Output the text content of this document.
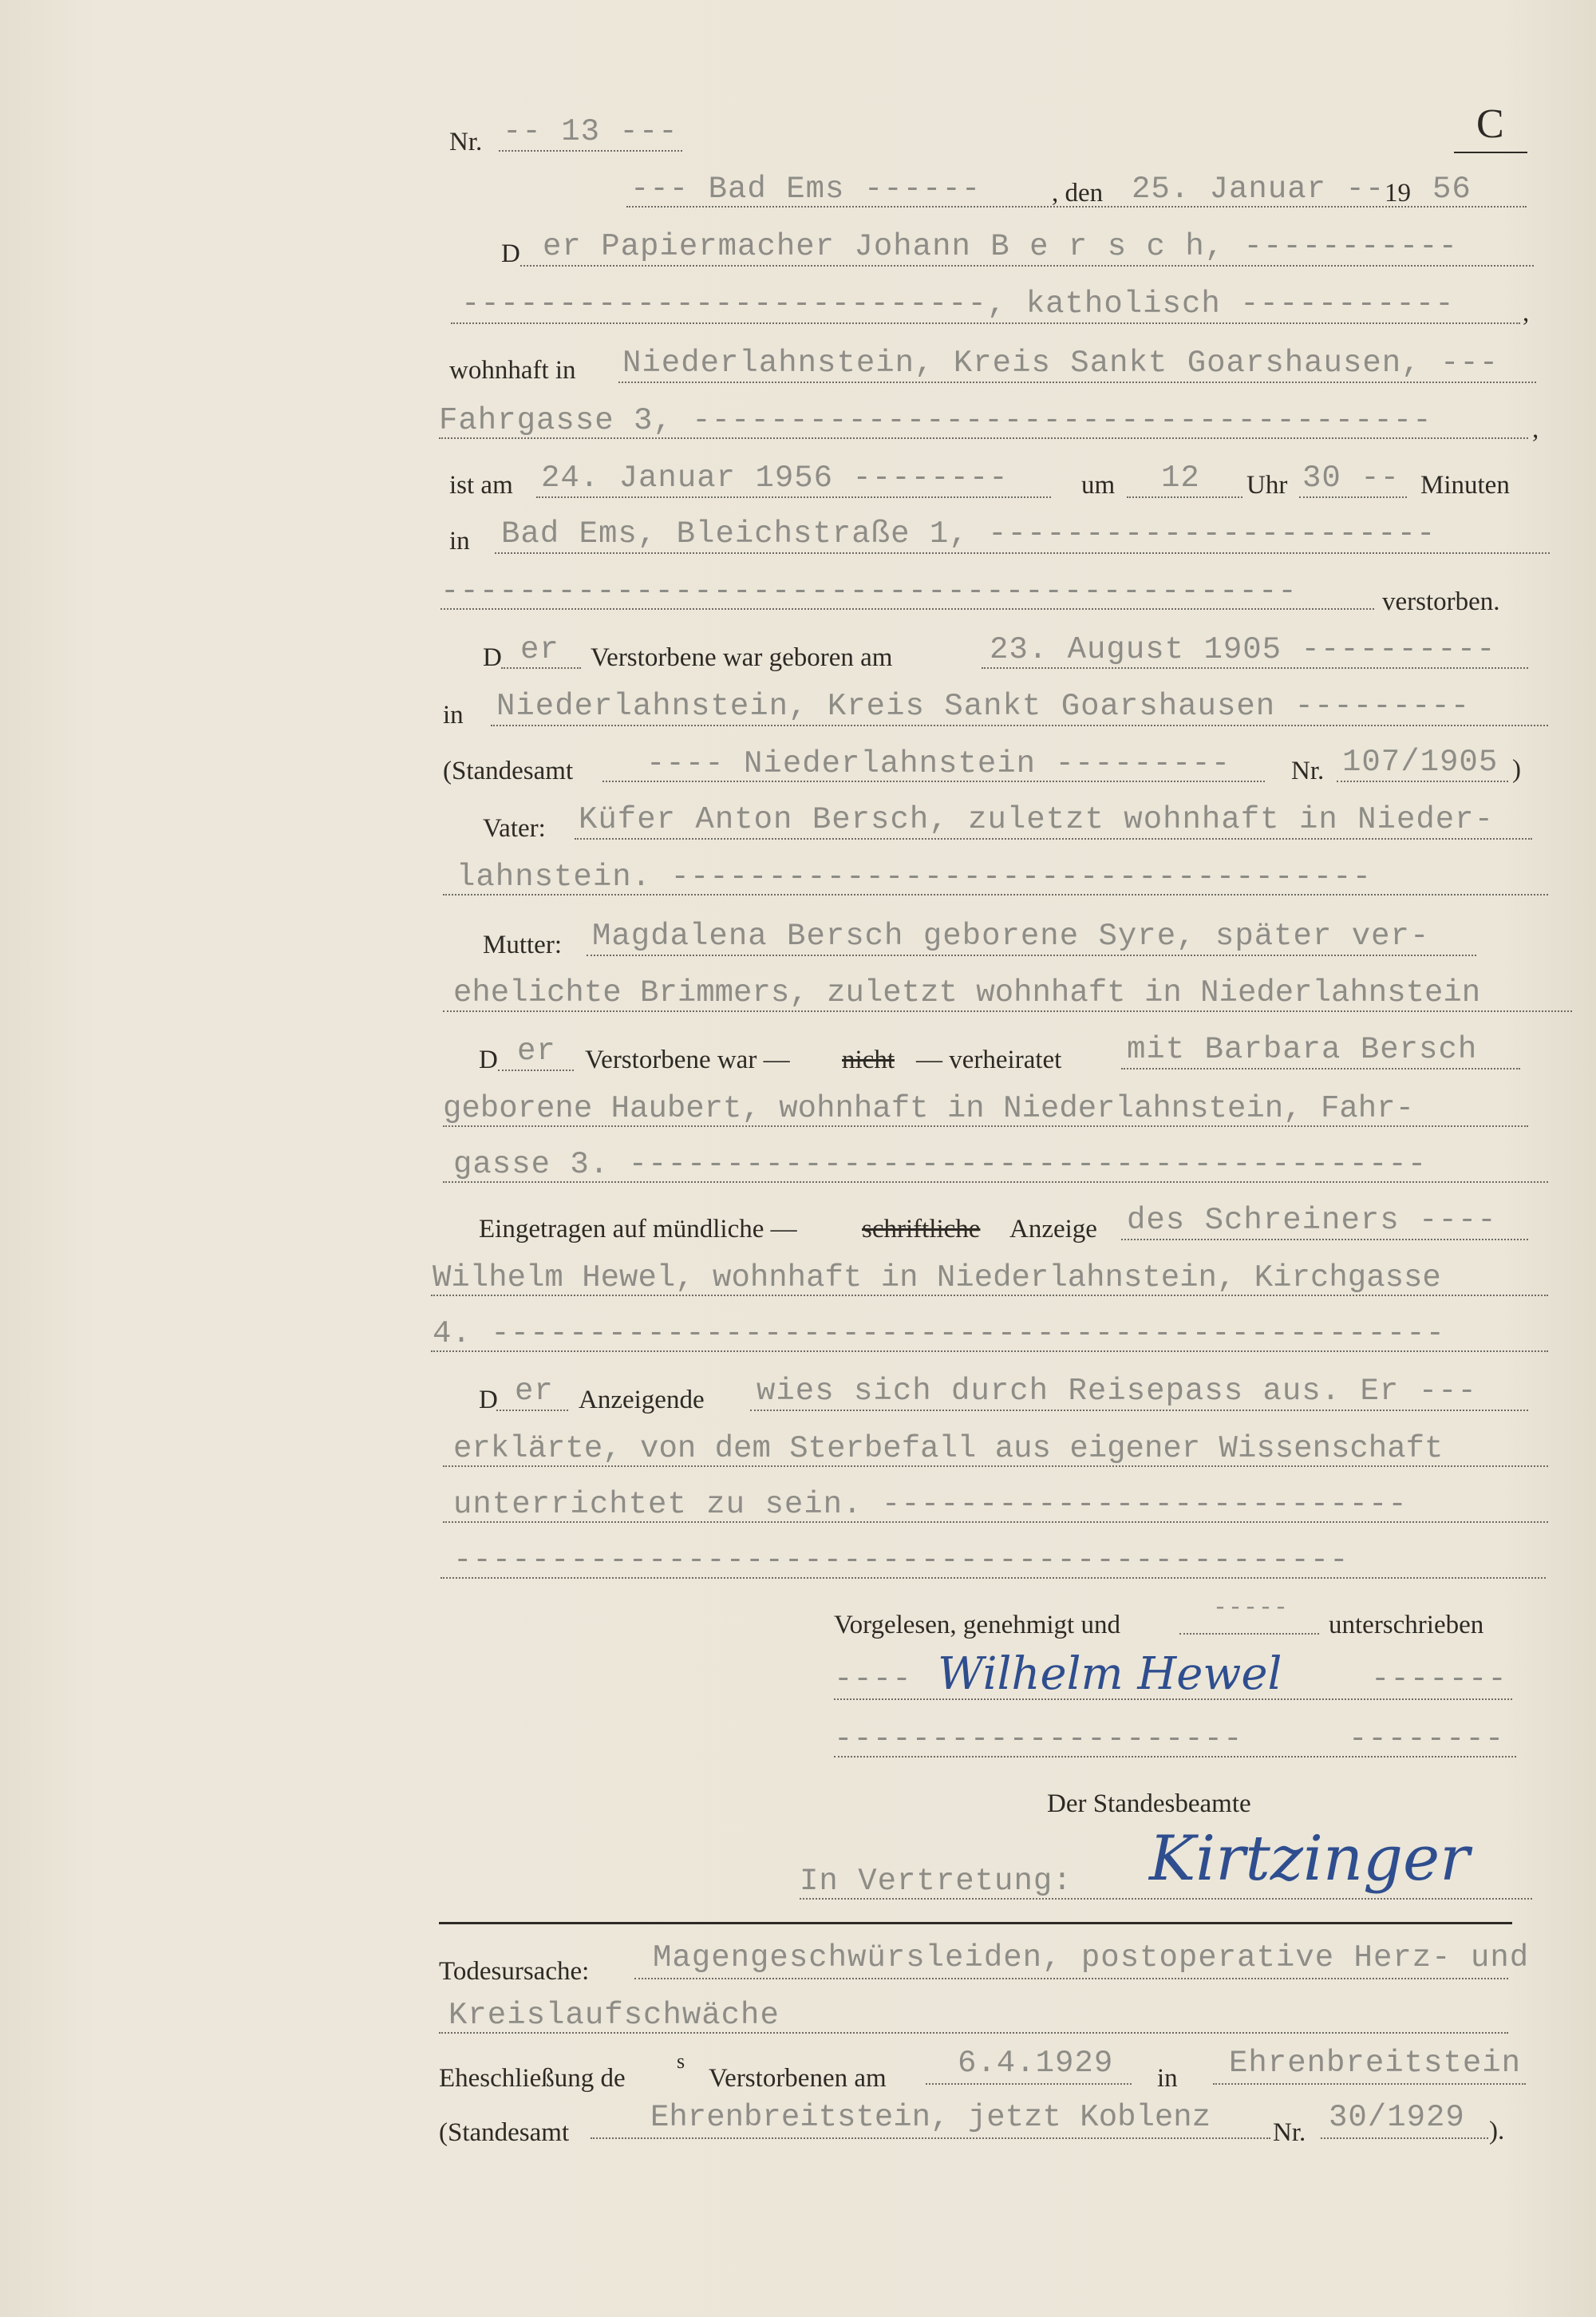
Nr. -- 13 ---	C
--- Bad Ems ------	, den 25. Januar -- 19 56
D er Papiermacher Johann B e r s c h, -----------
---------------------------, katholisch -----------	,
wohnhaft in Niederlahnstein, Kreis Sankt Goarshausen, ---
Fahrgasse 3, --------------------------------------	,
ist am 24. Januar 1956 --------	um 12 Uhr 30 -- Minuten
in Bad Ems, Bleichstraße 1, -----------------------
--------------------------------------------	verstorben.
D er Verstorbene war geboren am	23. August 1905 ----------
in Niederlahnstein, Kreis Sankt Goarshausen ---------
(Standesamt ---- Niederlahnstein --------- Nr. 107/1905 )
Vater: Küfer Anton Bersch, zuletzt wohnhaft in Nieder-
lahnstein. ------------------------------------
Mutter: Magdalena Bersch geborene Syre, später ver-
ehelichte Brimmers, zuletzt wohnhaft in Niederlahnstein
D er Verstorbene war — nicht — verheiratet mit Barbara Bersch
geborene Haubert, wohnhaft in Niederlahnstein, Fahr-
gasse 3. -----------------------------------------
Eingetragen auf mündliche — schriftliche Anzeige des Schreiners ----
Wilhelm Hewel, wohnhaft in Niederlahnstein, Kirchgasse
4. -------------------------------------------------
D er Anzeigende wies sich durch Reisepass aus. Er ---
erklärte, von dem Sterbefall aus eigener Wissenschaft
unterrichtet zu sein. ---------------------------
----------------------------------------------
Vorgelesen, genehmigt und
-----
unterschrieben
---- Wilhelm Hewel	-------
---------------------	--------
Der Standesbeamte
In Vertretung: Kirtzinger
Todesursache: Magengeschwürsleiden, postoperative Herz- und
Kreislaufschwäche
Eheschließung de
s
Verstorbenen am 6.4.1929 in Ehrenbreitstein
(Standesamt	Ehrenbreitstein, jetzt Koblenz Nr. 30/1929 ).
